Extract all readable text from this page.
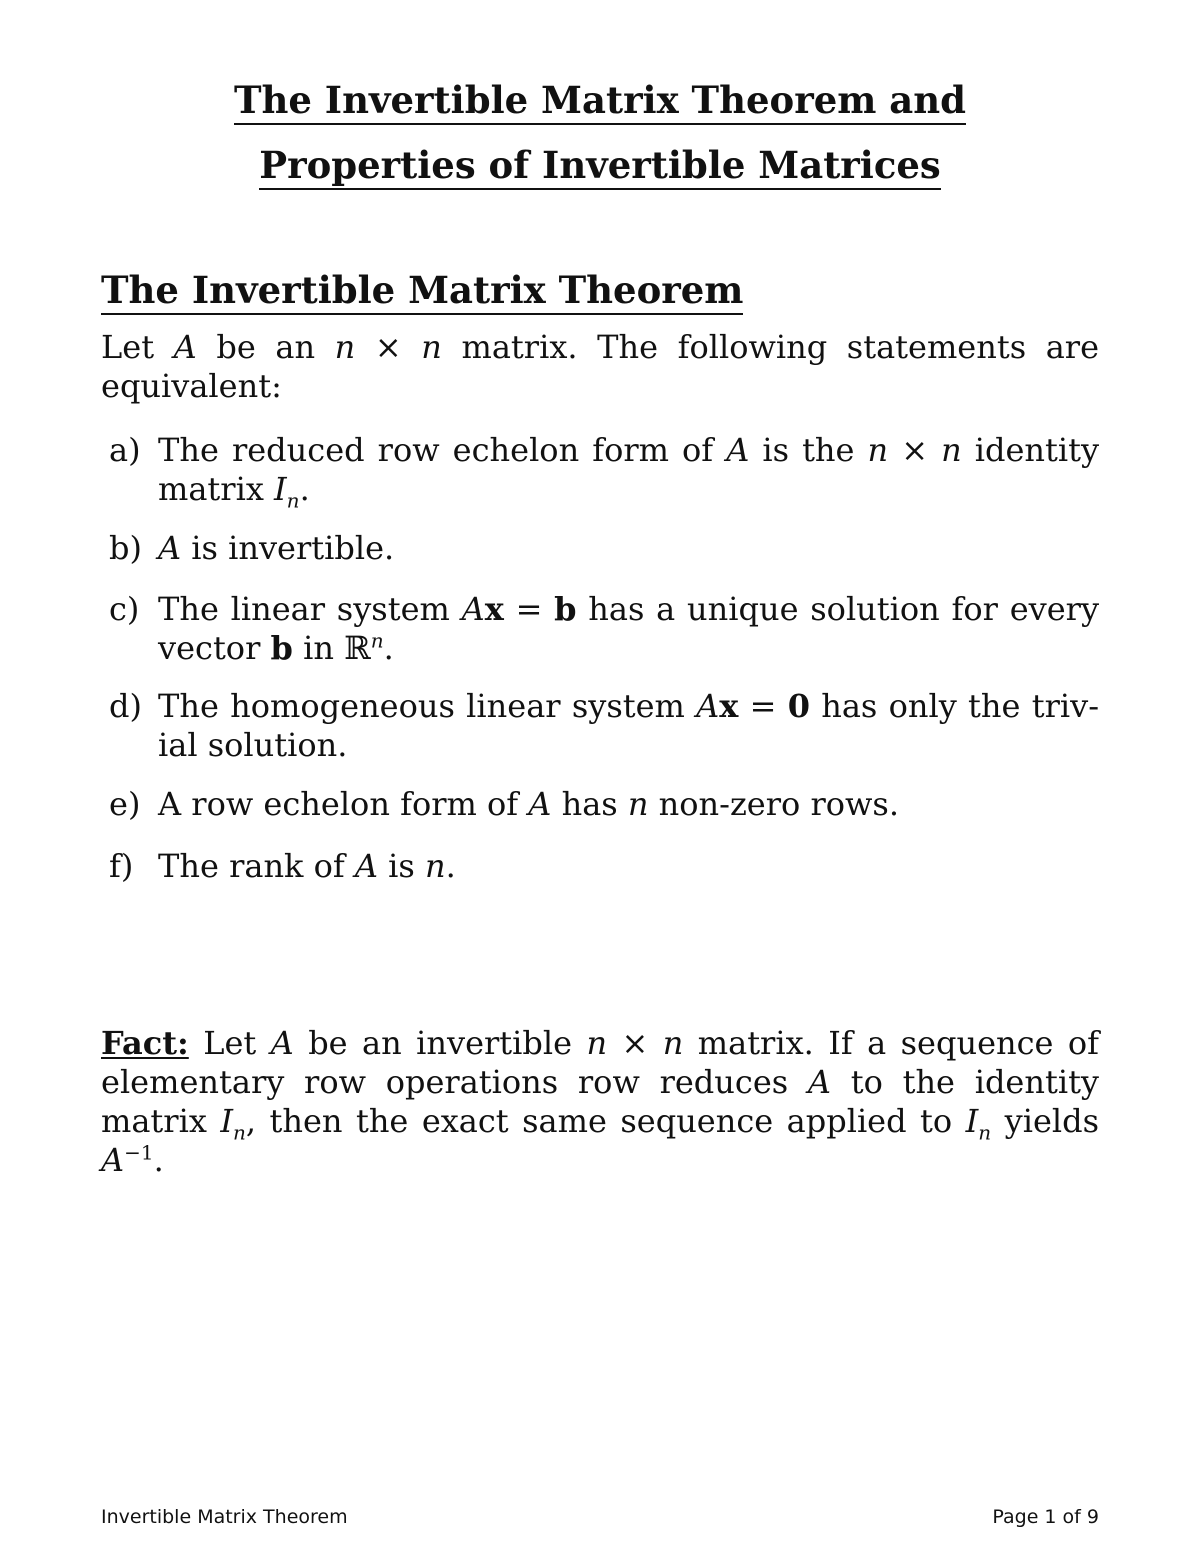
The Invertible Matrix Theorem and
Properties of Invertible Matrices
The Invertible Matrix Theorem
Let A be an n × n matrix. The following statements are equivalent:
a) The reduced row echelon form of A is the n × n identity matrix $I_n$.
b) A is invertible.
c) The linear system Ax = b has a unique solution for every vector b in ℝ$^n$.
d) The homogeneous linear system Ax = 0 has only the triv-ial solution.
e) A row echelon form of A has n non-zero rows.
f) The rank of A is n.
Fact: Let A be an invertible n × n matrix. If a sequence of elementary row operations row reduces A to the identity matrix $I_n$, then the exact same sequence applied to $I_n$ yields $A^{-1}$.
Invertible Matrix Theorem	Page 1 of 9
